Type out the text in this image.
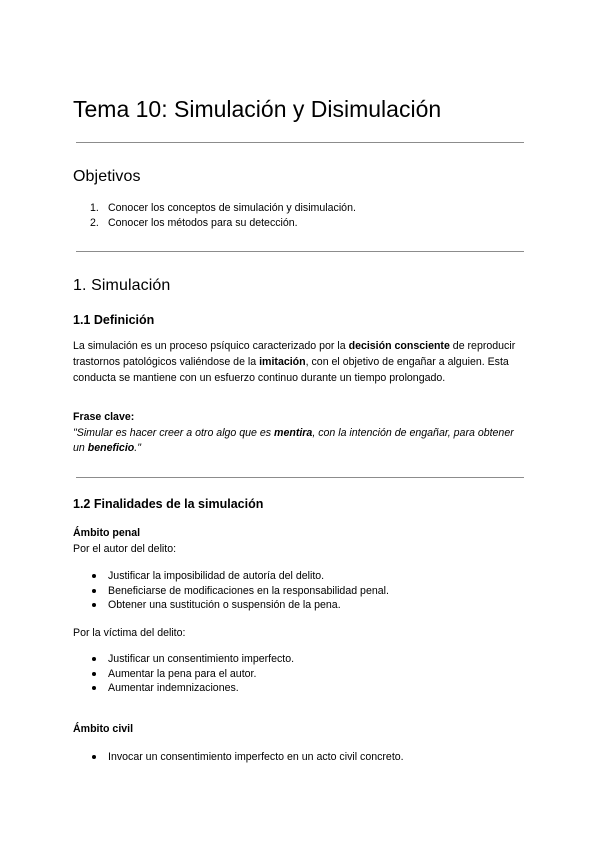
Tema 10: Simulación y Disimulación
Objetivos
1. Conocer los conceptos de simulación y disimulación.
2. Conocer los métodos para su detección.
1. Simulación
1.1 Definición

La simulación es un proceso psíquico caracterizado por la decisión consciente de reproducir trastornos patológicos valiéndose de la imitación, con el objetivo de engañar a alguien. Esta conducta se mantiene con un esfuerzo continuo durante un tiempo prolongado.

Frase clave:

"Simular es hacer creer a otro algo que es mentira, con la intención de engañar, para obtener un beneficio."

1.2 Finalidades de la simulación
Ámbito penal
Por el autor del delito:
Justificar la imposibilidad de autoría del delito.
Beneficiarse de modificaciones en la responsabilidad penal.
Obtener una sustitución o suspensión de la pena.
Por la víctima del delito:
Justificar un consentimiento imperfecto.
Aumentar la pena para el autor.
Aumentar indemnizaciones.
Ámbito civil
Invocar un consentimiento imperfecto en un acto civil concreto.
